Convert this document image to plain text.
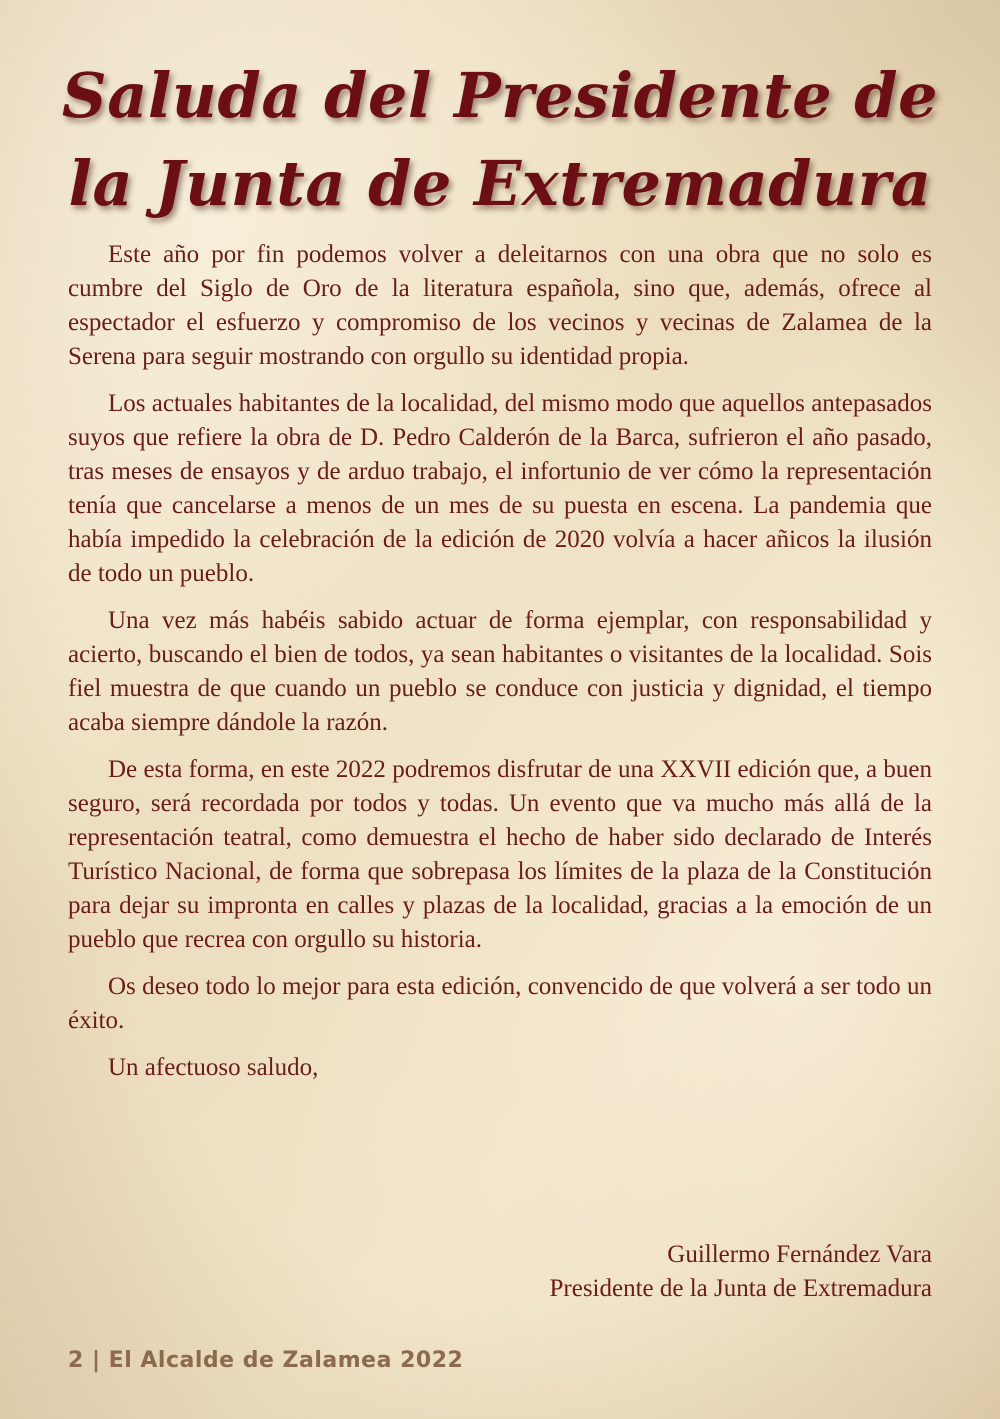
Saluda del Presidente de
la Junta de Extremadura

Este año por fin podemos volver a deleitarnos con una obra que no solo es cumbre del Siglo de Oro de la literatura española, sino que, además, ofrece al espectador el esfuerzo y compromiso de los vecinos y vecinas de Zalamea de la Serena para seguir mostrando con orgullo su identidad propia.

Los actuales habitantes de la localidad, del mismo modo que aquellos antepasados suyos que refiere la obra de D. Pedro Calderón de la Barca, sufrieron el año pasado, tras meses de ensayos y de arduo trabajo, el infortunio de ver cómo la representación tenía que cancelarse a menos de un mes de su puesta en escena. La pandemia que había impedido la celebración de la edición de 2020 volvía a hacer añicos la ilusión de todo un pueblo.

Una vez más habéis sabido actuar de forma ejemplar, con responsabilidad y acierto, buscando el bien de todos, ya sean habitantes o visitantes de la localidad. Sois fiel muestra de que cuando un pueblo se conduce con justicia y dignidad, el tiempo acaba siempre dándole la razón.

De esta forma, en este 2022 podremos disfrutar de una XXVII edición que, a buen seguro, será recordada por todos y todas. Un evento que va mucho más allá de la representación teatral, como demuestra el hecho de haber sido declarado de Interés Turístico Nacional, de forma que sobrepasa los límites de la plaza de la Constitución para dejar su impronta en calles y plazas de la localidad, gracias a la emoción de un pueblo que recrea con orgullo su historia.

Os deseo todo lo mejor para esta edición, convencido de que volverá a ser todo un éxito.

Un afectuoso saludo,

Guillermo Fernández Vara
Presidente de la Junta de Extremadura
2 | El Alcalde de Zalamea 2022
